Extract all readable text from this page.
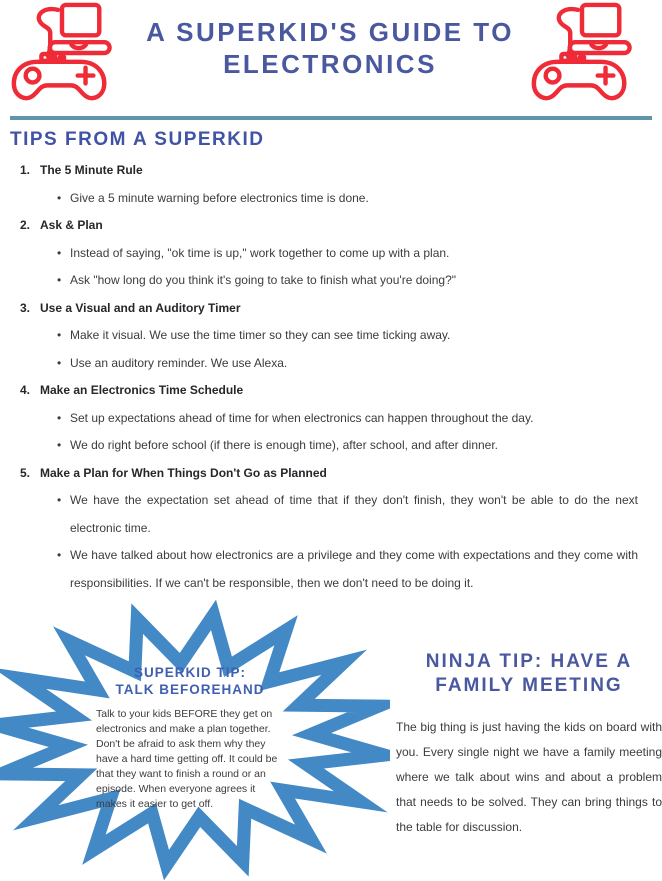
A SUPERKID'S GUIDE TO
ELECTRONICS
TIPS FROM A SUPERKID
1. The 5 Minute Rule
• Give a 5 minute warning before electronics time is done.
2. Ask & Plan
• Instead of saying, "ok time is up," work together to come up with a plan.
• Ask "how long do you think it's going to take to finish what you're doing?"
3. Use a Visual and an Auditory Timer
• Make it visual. We use the time timer so they can see time ticking away.
• Use an auditory reminder. We use Alexa.
4. Make an Electronics Time Schedule
• Set up expectations ahead of time for when electronics can happen throughout the day.
• We do right before school (if there is enough time), after school, and after dinner.
5. Make a Plan for When Things Don't Go as Planned
• We have the expectation set ahead of time that if they don't finish, they won't be able to do the next electronic time.
• We have talked about how electronics are a privilege and they come with expectations and they come with responsibilities. If we can't be responsible, then we don't need to be doing it.
SUPERKID TIP:
TALK BEFOREHAND

Talk to your kids BEFORE they get on electronics and make a plan together. Don't be afraid to ask them why they have a hard time getting off. It could be that they want to finish a round or an episode. When everyone agrees it makes it easier to get off.

NINJA TIP: HAVE A
FAMILY MEETING

The big thing is just having the kids on board with you. Every single night we have a family meeting where we talk about wins and about a problem that needs to be solved. They can bring things to the table for discussion.
